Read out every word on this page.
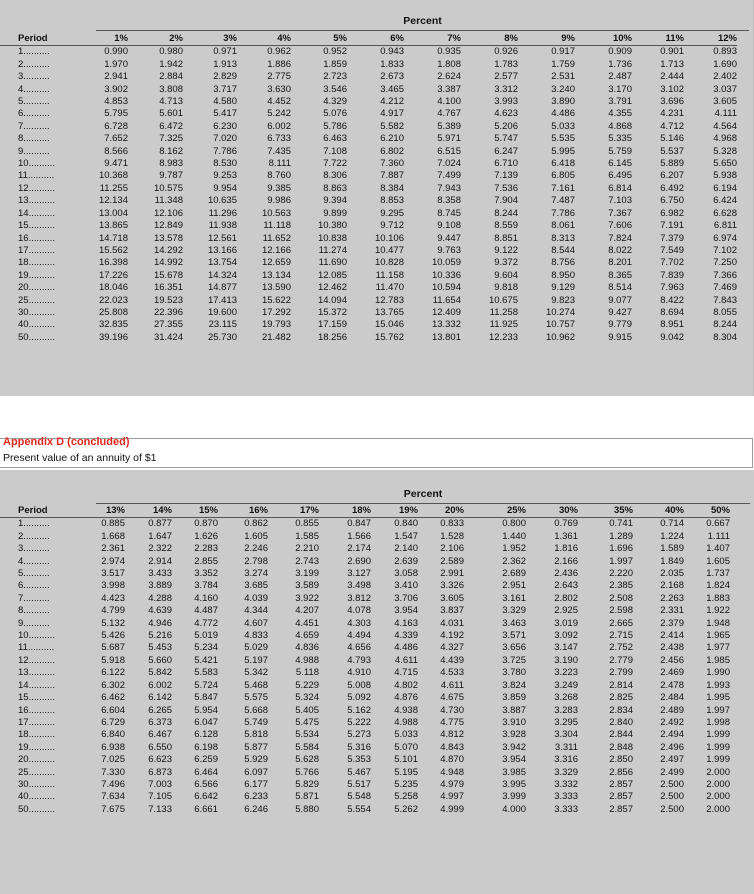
Percent
Period	1%	2%	3%	4%	5%	6%	7%	8%	9%	10%	11%	12%
1..........	0.990	0.980	0.971	0.962	0.952	0.943	0.935	0.926	0.917	0.909	0.901	0.893
2..........	1.970	1.942	1.913	1.886	1.859	1.833	1.808	1.783	1.759	1.736	1.713	1.690
3..........	2.941	2.884	2.829	2.775	2.723	2.673	2.624	2.577	2.531	2.487	2.444	2.402
4..........	3.902	3.808	3.717	3.630	3.546	3.465	3.387	3.312	3.240	3.170	3.102	3.037
5..........	4.853	4.713	4.580	4.452	4.329	4.212	4.100	3.993	3.890	3.791	3.696	3.605
6..........	5.795	5.601	5.417	5.242	5.076	4.917	4.767	4.623	4.486	4.355	4.231	4.111
7..........	6.728	6.472	6.230	6.002	5.786	5.582	5.389	5.206	5.033	4.868	4.712	4.564
8..........	7.652	7.325	7.020	6.733	6.463	6.210	5.971	5.747	5.535	5.335	5.146	4.968
9..........	8.566	8.162	7.786	7.435	7.108	6.802	6.515	6.247	5.995	5.759	5.537	5.328
10..........	9.471	8.983	8.530	8.111	7.722	7.360	7.024	6.710	6.418	6.145	5.889	5.650
11..........	10.368	9.787	9.253	8.760	8.306	7.887	7.499	7.139	6.805	6.495	6.207	5.938
12..........	11.255	10.575	9.954	9.385	8.863	8.384	7.943	7.536	7.161	6.814	6.492	6.194
13..........	12.134	11.348	10.635	9.986	9.394	8.853	8.358	7.904	7.487	7.103	6.750	6.424
14..........	13.004	12.106	11.296	10.563	9.899	9.295	8.745	8.244	7.786	7.367	6.982	6.628
15..........	13.865	12.849	11.938	11.118	10.380	9.712	9.108	8.559	8.061	7.606	7.191	6.811
16..........	14.718	13.578	12.561	11.652	10.838	10.106	9.447	8.851	8.313	7.824	7.379	6.974
17..........	15.562	14.292	13.166	12.166	11.274	10.477	9.763	9.122	8.544	8.022	7.549	7.102
18..........	16.398	14.992	13.754	12.659	11.690	10.828	10.059	9.372	8.756	8.201	7.702	7.250
19..........	17.226	15.678	14.324	13.134	12.085	11.158	10.336	9.604	8.950	8.365	7.839	7.366
20..........	18.046	16.351	14.877	13.590	12.462	11.470	10.594	9.818	9.129	8.514	7.963	7.469
25..........	22.023	19.523	17.413	15.622	14.094	12.783	11.654	10.675	9.823	9.077	8.422	7.843
30..........	25.808	22.396	19.600	17.292	15.372	13.765	12.409	11.258	10.274	9.427	8.694	8.055
40..........	32.835	27.355	23.115	19.793	17.159	15.046	13.332	11.925	10.757	9.779	8.951	8.244
50..........	39.196	31.424	25.730	21.482	18.256	15.762	13.801	12.233	10.962	9.915	9.042	8.304
Appendix D (concluded)
Present value of an annuity of $1
Percent
Period	13%	14%	15%	16%	17%	18%	19%	20%	25%	30%	35%	40%	50%
1..........	0.885	0.877	0.870	0.862	0.855	0.847	0.840	0.833	0.800	0.769	0.741	0.714	0.667
2..........	1.668	1.647	1.626	1.605	1.585	1.566	1.547	1.528	1.440	1.361	1.289	1.224	1.111
3..........	2.361	2.322	2.283	2.246	2.210	2.174	2.140	2.106	1.952	1.816	1.696	1.589	1.407
4..........	2.974	2.914	2.855	2.798	2.743	2.690	2.639	2.589	2.362	2.166	1.997	1.849	1.605
5..........	3.517	3.433	3.352	3.274	3.199	3.127	3.058	2.991	2.689	2.436	2.220	2.035	1.737
6..........	3.998	3.889	3.784	3.685	3.589	3.498	3.410	3.326	2.951	2.643	2.385	2.168	1.824
7..........	4.423	4.288	4.160	4.039	3.922	3.812	3.706	3.605	3.161	2.802	2.508	2.263	1.883
8..........	4.799	4.639	4.487	4.344	4.207	4.078	3.954	3.837	3.329	2.925	2.598	2.331	1.922
9..........	5.132	4.946	4.772	4.607	4.451	4.303	4.163	4.031	3.463	3.019	2.665	2.379	1.948
10..........	5.426	5.216	5.019	4.833	4.659	4.494	4.339	4.192	3.571	3.092	2.715	2.414	1.965
11..........	5.687	5.453	5.234	5.029	4.836	4.656	4.486	4.327	3.656	3.147	2.752	2.438	1.977
12..........	5.918	5.660	5.421	5.197	4.988	4.793	4.611	4.439	3.725	3.190	2.779	2.456	1.985
13..........	6.122	5.842	5.583	5.342	5.118	4.910	4.715	4.533	3.780	3.223	2.799	2.469	1.990
14..........	6.302	6.002	5.724	5.468	5.229	5.008	4.802	4.611	3.824	3.249	2.814	2.478	1.993
15..........	6.462	6.142	5.847	5.575	5.324	5.092	4.876	4.675	3.859	3.268	2.825	2.484	1.995
16..........	6.604	6.265	5.954	5.668	5.405	5.162	4.938	4.730	3.887	3.283	2.834	2.489	1.997
17..........	6.729	6.373	6.047	5.749	5.475	5.222	4.988	4.775	3.910	3.295	2.840	2.492	1.998
18..........	6.840	6.467	6.128	5.818	5.534	5.273	5.033	4.812	3.928	3.304	2.844	2.494	1.999
19..........	6.938	6.550	6.198	5.877	5.584	5.316	5.070	4.843	3.942	3.311	2.848	2.496	1.999
20..........	7.025	6.623	6.259	5.929	5.628	5.353	5.101	4.870	3.954	3.316	2.850	2.497	1.999
25..........	7.330	6.873	6.464	6.097	5.766	5.467	5.195	4.948	3.985	3.329	2.856	2.499	2.000
30..........	7.496	7.003	6.566	6.177	5.829	5.517	5.235	4.979	3.995	3.332	2.857	2.500	2.000
40..........	7.634	7.105	6.642	6.233	5.871	5.548	5.258	4.997	3.999	3.333	2.857	2.500	2.000
50..........	7.675	7.133	6.661	6.246	5.880	5.554	5.262	4.999	4.000	3.333	2.857	2.500	2.000
